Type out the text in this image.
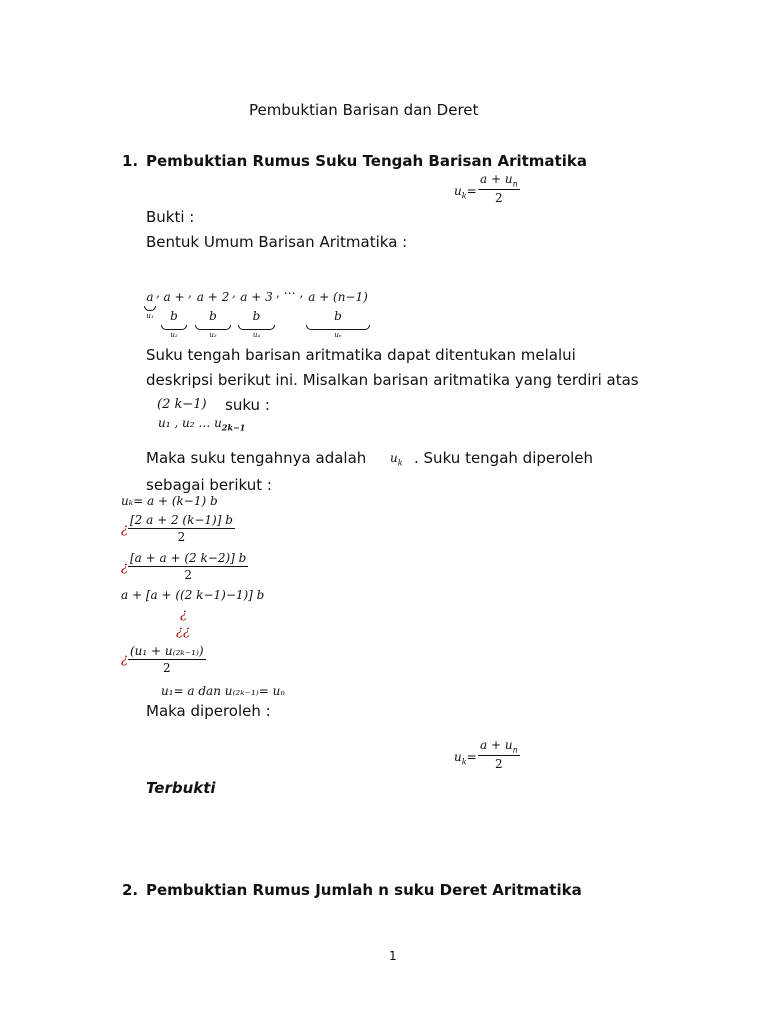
Pembuktian Barisan dan Deret
1. Pembuktian Rumus Suku Tengah Barisan Aritmatika
$u_k= \frac{a + u_n}{2}$
Bukti :
Bentuk Umum Barisan Aritmatika :
a
u₁
, a + b
u₂
, a + 2 b
u₃
, a + 3 b
u₄
, ⋯ , a + (n−1) b
uₙ
Suku tengah barisan aritmatika dapat ditentukan melalui
deskripsi berikut ini. Misalkan barisan aritmatika yang terdiri atas
(2 k−1) suku :
u₁ , u₂ … $u_{2k-1}$
Maka suku tengahnya adalah $u_k$ . Suku tengah diperoleh
sebagai berikut :
uₖ= a + (k−1) b
¿ $\frac{[2 a + 2 (k-1)] b}{2}$
¿ $\frac{[a + a + (2 k-2)] b}{2}$
a + [a + ((2 k−1)−1)] b
¿
¿¿
¿ $\frac{\text{(u₁ + u₍₂ₖ₋₁₎)}}{2}$
u₁= a dan u₍₂ₖ₋₁₎= uₙ
Maka diperoleh :
$u_k= \frac{a + u_n}{2}$
Terbukti
2. Pembuktian Rumus Jumlah n suku Deret Aritmatika
1
